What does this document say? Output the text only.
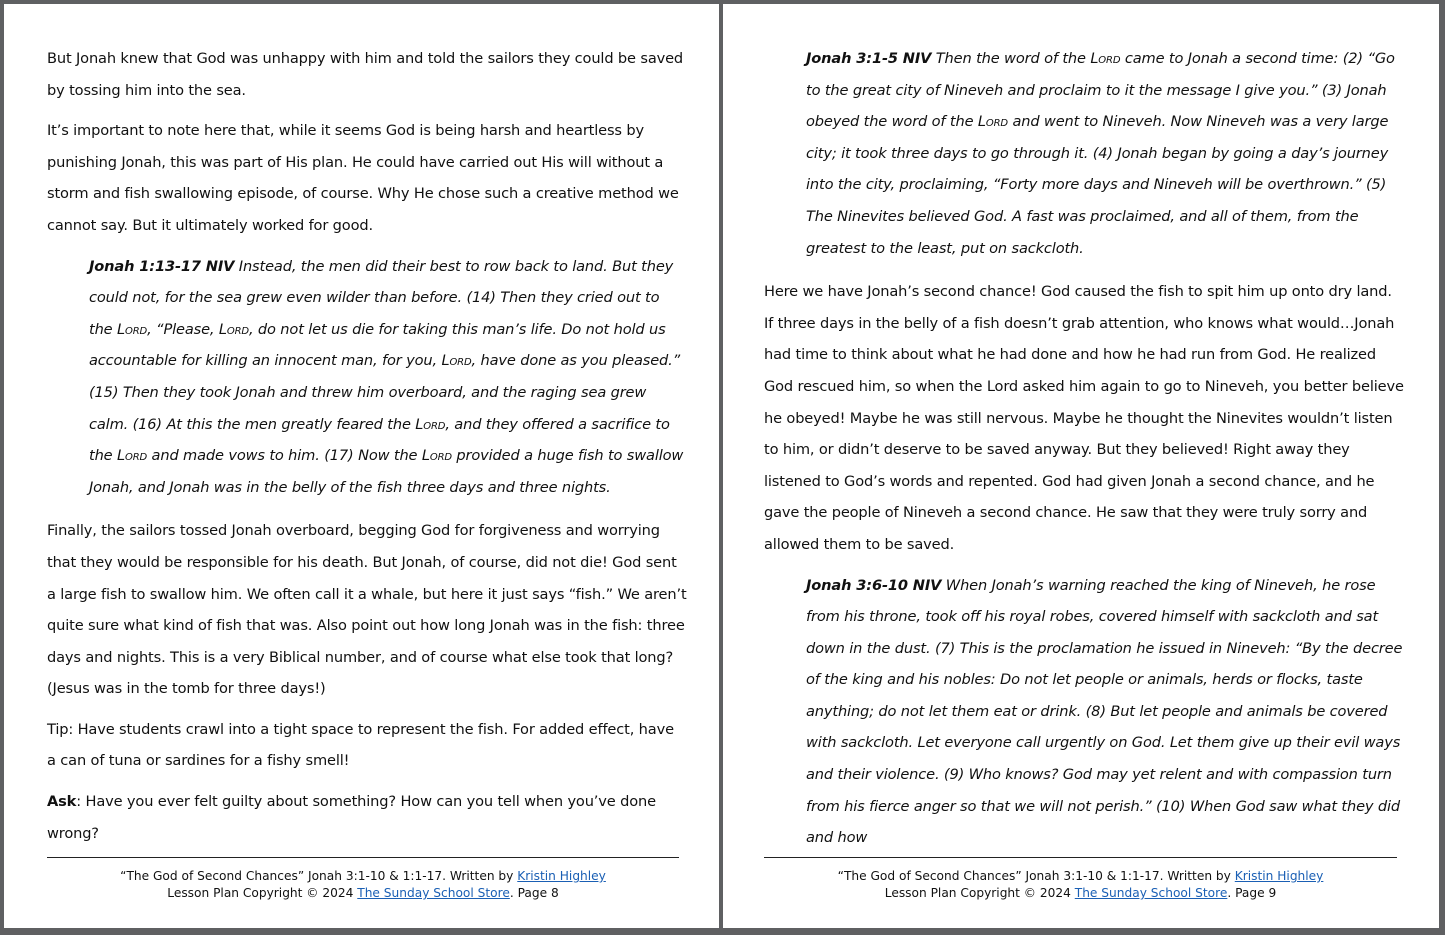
But Jonah knew that God was unhappy with him and told the sailors they could be saved by tossing him into the sea.

It’s important to note here that, while it seems God is being harsh and heartless by punishing Jonah, this was part of His plan. He could have carried out His will without a storm and fish swallowing episode, of course. Why He chose such a creative method we cannot say. But it ultimately worked for good.

Jonah 1:13-17 NIV Instead, the men did their best to row back to land. But they could not, for the sea grew even wilder than before. (14) Then they cried out to the Lord, “Please, Lord, do not let us die for taking this man’s life. Do not hold us accountable for killing an innocent man, for you, Lord, have done as you pleased.” (15) Then they took Jonah and threw him overboard, and the raging sea grew calm. (16) At this the men greatly feared the Lord, and they offered a sacrifice to the Lord and made vows to him. (17) Now the Lord provided a huge fish to swallow Jonah, and Jonah was in the belly of the fish three days and three nights.

Finally, the sailors tossed Jonah overboard, begging God for forgiveness and worrying that they would be responsible for his death. But Jonah, of course, did not die! God sent a large fish to swallow him. We often call it a whale, but here it just says “fish.” We aren’t quite sure what kind of fish that was. Also point out how long Jonah was in the fish: three days and nights. This is a very Biblical number, and of course what else took that long? (Jesus was in the tomb for three days!)

Tip: Have students crawl into a tight space to represent the fish. For added effect, have a can of tuna or sardines for a fishy smell!

Ask: Have you ever felt guilty about something? How can you tell when you’ve done wrong?

“The God of Second Chances” Jonah 3:1-10 & 1:1-17. Written by Kristin Highley
Lesson Plan Copyright © 2024 The Sunday School Store. Page 8

Jonah 3:1-5 NIV Then the word of the Lord came to Jonah a second time: (2) “Go to the great city of Nineveh and proclaim to it the message I give you.” (3) Jonah obeyed the word of the Lord and went to Nineveh. Now Nineveh was a very large city; it took three days to go through it. (4) Jonah began by going a day’s journey into the city, proclaiming, “Forty more days and Nineveh will be overthrown.” (5) The Ninevites believed God. A fast was proclaimed, and all of them, from the greatest to the least, put on sackcloth.

Here we have Jonah’s second chance! God caused the fish to spit him up onto dry land. If three days in the belly of a fish doesn’t grab attention, who knows what would…Jonah had time to think about what he had done and how he had run from God. He realized God rescued him, so when the Lord asked him again to go to Nineveh, you better believe he obeyed! Maybe he was still nervous. Maybe he thought the Ninevites wouldn’t listen to him, or didn’t deserve to be saved anyway. But they believed! Right away they listened to God’s words and repented. God had given Jonah a second chance, and he gave the people of Nineveh a second chance. He saw that they were truly sorry and allowed them to be saved.

Jonah 3:6-10 NIV When Jonah’s warning reached the king of Nineveh, he rose from his throne, took off his royal robes, covered himself with sackcloth and sat down in the dust. (7) This is the proclamation he issued in Nineveh: “By the decree of the king and his nobles: Do not let people or animals, herds or flocks, taste anything; do not let them eat or drink. (8) But let people and animals be covered with sackcloth. Let everyone call urgently on God. Let them give up their evil ways and their violence. (9) Who knows? God may yet relent and with compassion turn from his fierce anger so that we will not perish.” (10) When God saw what they did and how

“The God of Second Chances” Jonah 3:1-10 & 1:1-17. Written by Kristin Highley
Lesson Plan Copyright © 2024 The Sunday School Store. Page 9
